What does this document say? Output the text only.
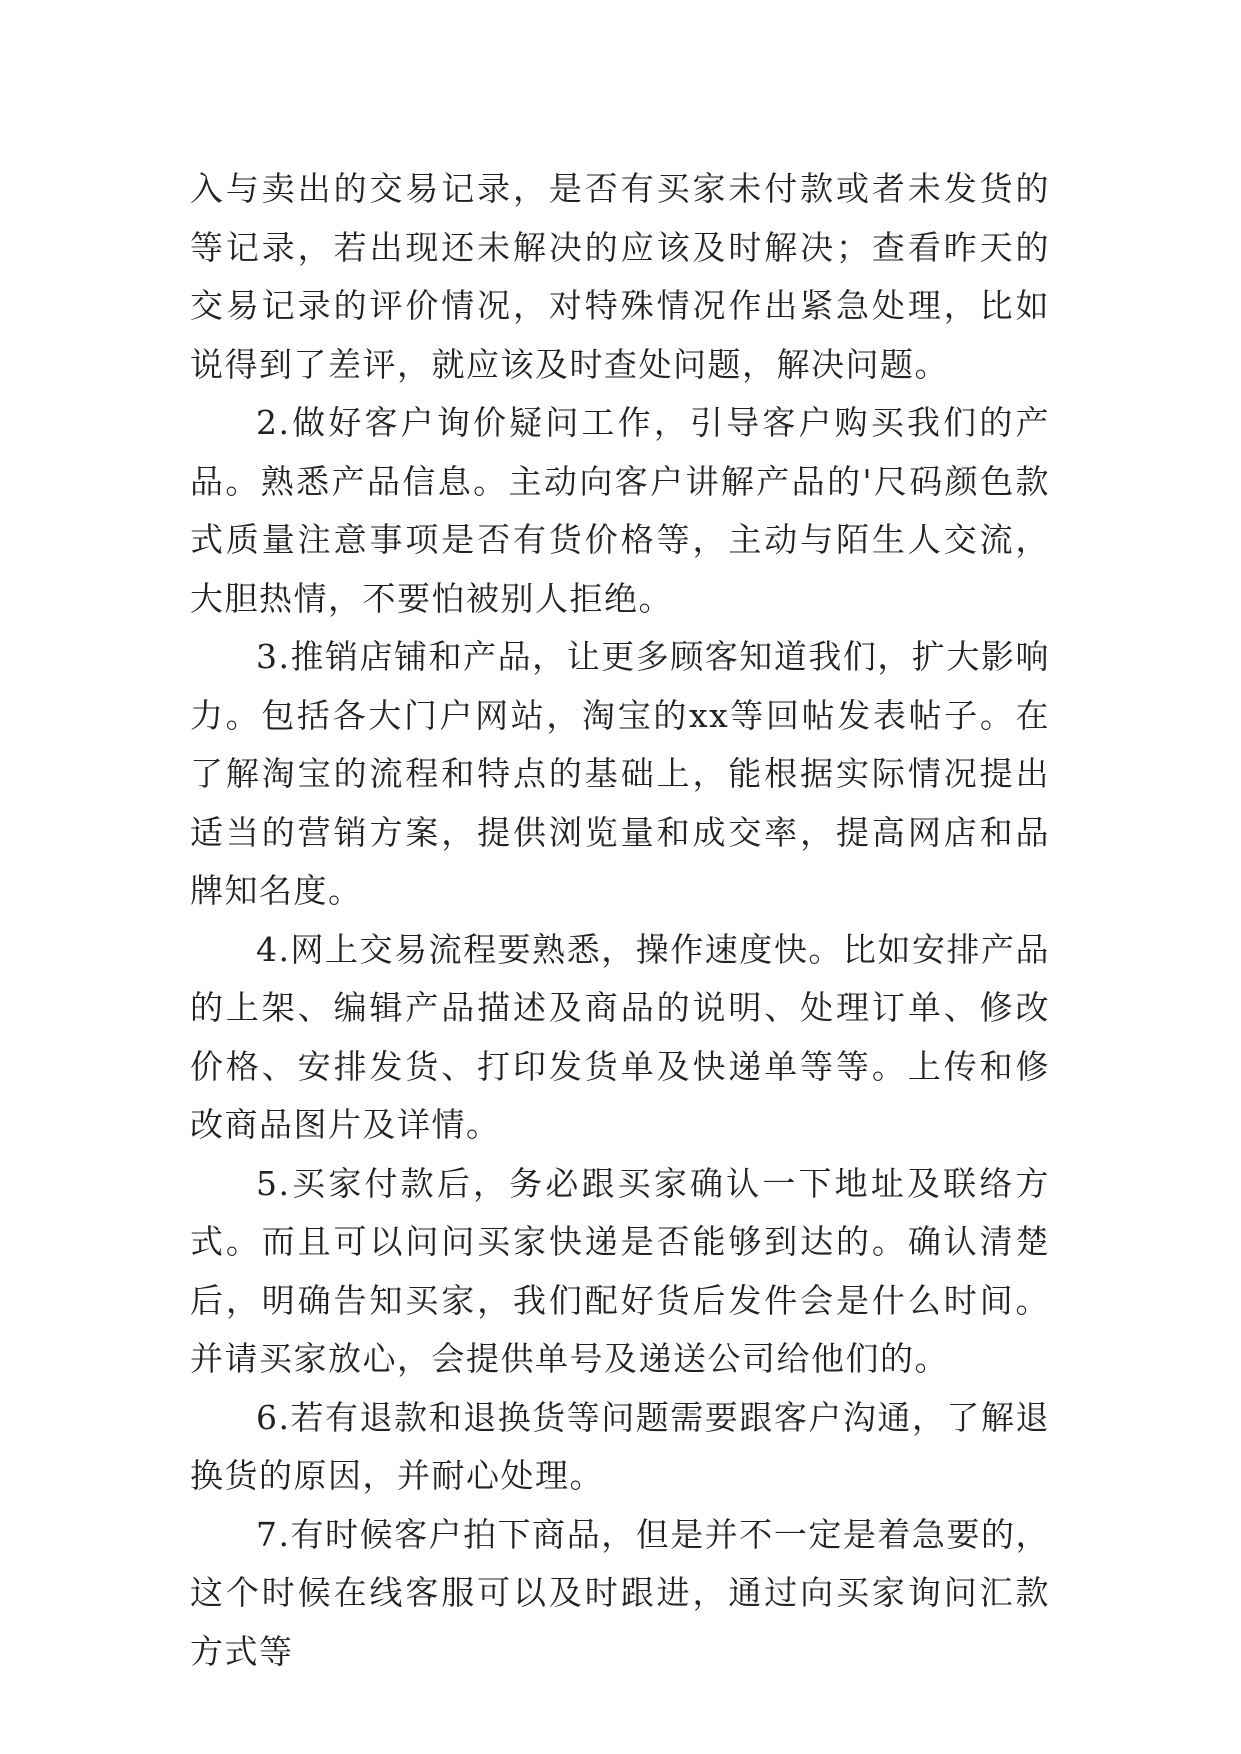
入与卖出的交易记录，是否有买家未付款或者未发货的等记录，若出现还未解决的应该及时解决；查看昨天的交易记录的评价情况，对特殊情况作出紧急处理，比如说得到了差评，就应该及时查处问题，解决问题。

2.做好客户询价疑问工作，引导客户购买我们的产品。熟悉产品信息。主动向客户讲解产品的'尺码颜色款式质量注意事项是否有货价格等，主动与陌生人交流，大胆热情，不要怕被别人拒绝。

3.推销店铺和产品，让更多顾客知道我们，扩大影响力。包括各大门户网站，淘宝的xx等回帖发表帖子。在了解淘宝的流程和特点的基础上，能根据实际情况提出适当的营销方案，提供浏览量和成交率，提高网店和品牌知名度。

4.网上交易流程要熟悉，操作速度快。比如安排产品的上架、编辑产品描述及商品的说明、处理订单、修改价格、安排发货、打印发货单及快递单等等。上传和修改商品图片及详情。

5.买家付款后，务必跟买家确认一下地址及联络方式。而且可以问问买家快递是否能够到达的。确认清楚后，明确告知买家，我们配好货后发件会是什么时间。并请买家放心，会提供单号及递送公司给他们的。

6.若有退款和退换货等问题需要跟客户沟通，了解退换货的原因，并耐心处理。

7.有时候客户拍下商品，但是并不一定是着急要的，这个时候在线客服可以及时跟进，通过向买家询问汇款方式等
